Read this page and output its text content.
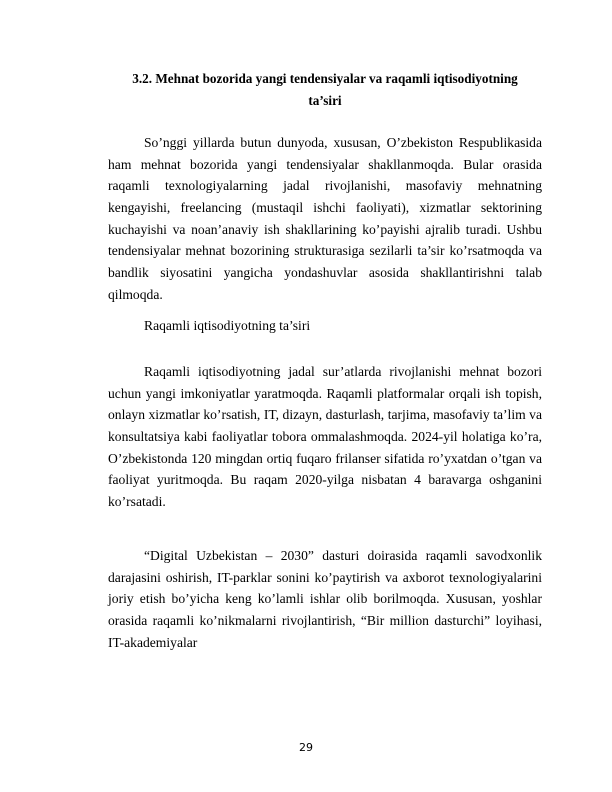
3.2. Mehnat bozorida yangi tendensiyalar va raqamli iqtisodiyotning
ta’siri

So’nggi yillarda butun dunyoda, xususan, O’zbekiston Respublikasida ham mehnat bozorida yangi tendensiyalar shakllanmoqda. Bular orasida raqamli texnologiyalarning jadal rivojlanishi, masofaviy mehnatning kengayishi, freelancing (mustaqil ishchi faoliyati), xizmatlar sektorining kuchayishi va noan’anaviy ish shakllarining ko’payishi ajralib turadi. Ushbu tendensiyalar mehnat bozorining strukturasiga sezilarli ta’sir ko’rsatmoqda va bandlik siyosatini yangicha yondashuvlar asosida shakllantirishni talab qilmoqda.

Raqamli iqtisodiyotning ta’siri

Raqamli iqtisodiyotning jadal sur’atlarda rivojlanishi mehnat bozori uchun yangi imkoniyatlar yaratmoqda. Raqamli platformalar orqali ish topish, onlayn xizmatlar ko’rsatish, IT, dizayn, dasturlash, tarjima, masofaviy ta’lim va konsultatsiya kabi faoliyatlar tobora ommalashmoqda. 2024-yil holatiga ko’ra, O’zbekistonda 120 mingdan ortiq fuqaro frilanser sifatida ro’yxatdan o’tgan va faoliyat yuritmoqda. Bu raqam 2020-yilga nisbatan 4 baravarga oshganini ko’rsatadi.

“Digital Uzbekistan – 2030” dasturi doirasida raqamli savodxonlik darajasini oshirish, IT-parklar sonini ko’paytirish va axborot texnologiyalarini joriy etish bo’yicha keng ko’lamli ishlar olib borilmoqda. Xususan, yoshlar orasida raqamli ko’nikmalarni rivojlantirish, “Bir million dasturchi” loyihasi, IT-akademiyalar

29
